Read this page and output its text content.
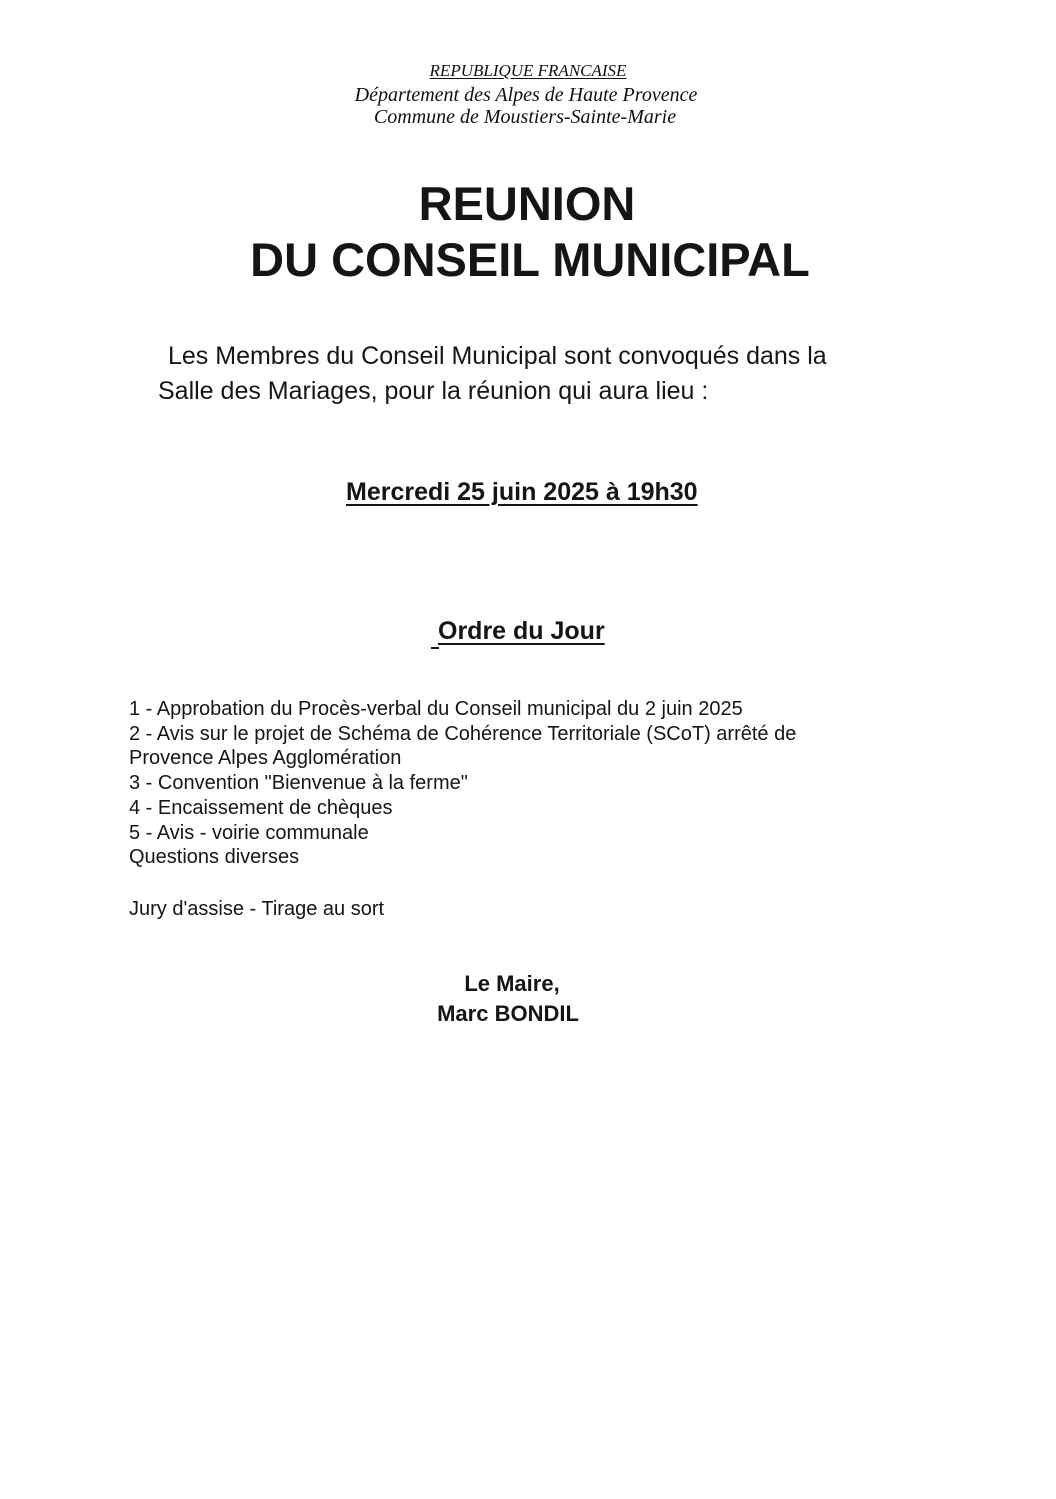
REPUBLIQUE FRANCAISE
Département des Alpes de Haute Provence
Commune de Moustiers-Sainte-Marie
REUNION
DU CONSEIL MUNICIPAL
Les Membres du Conseil Municipal sont convoqués dans la
Salle des Mariages, pour la réunion qui aura lieu :
Mercredi 25 juin 2025 à 19h30
Ordre du Jour
1 - Approbation du Procès-verbal du Conseil municipal du 2 juin 2025
2 - Avis sur le projet de Schéma de Cohérence Territoriale (SCoT) arrêté de
Provence Alpes Agglomération
3 - Convention "Bienvenue à la ferme"
4 - Encaissement de chèques
5 - Avis - voirie communale
Questions diverses
Jury d'assise - Tirage au sort
Le Maire,
Marc BONDIL
